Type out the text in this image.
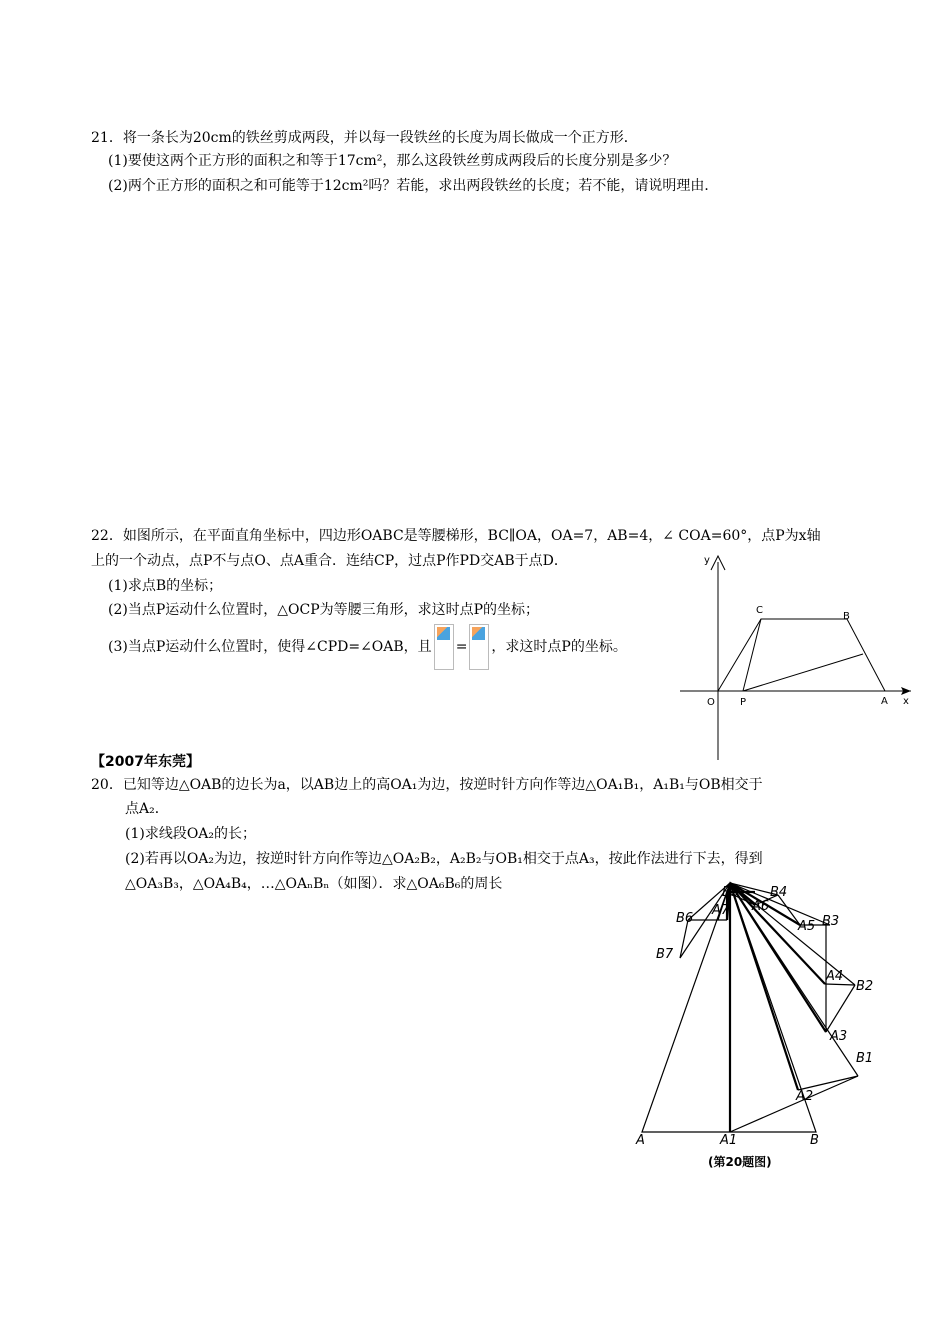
21．将一条长为20cm的铁丝剪成两段，并以每一段铁丝的长度为周长做成一个正方形．
(1)要使这两个正方形的面积之和等于17cm²，那么这段铁丝剪成两段后的长度分别是多少？
(2)两个正方形的面积之和可能等于12cm²吗？若能，求出两段铁丝的长度；若不能，请说明理由．
22．如图所示，在平面直角坐标中，四边形OABC是等腰梯形，BC∥OA，OA=7，AB=4，∠ COA=60°，点P为x轴
上的一个动点，点P不与点O、点A重合．连结CP，过点P作PD交AB于点D．
(1)求点B的坐标；
(2)当点P运动什么位置时，△OCP为等腰三角形，求这时点P的坐标；
(3)当点P运动什么位置时，使得∠CPD=∠OAB，且 = ，求这时点P的坐标。
y
x
O	P	A
C
B
【2007年东莞】
20．已知等边△OAB的边长为a，以AB边上的高OA₁为边，按逆时针方向作等边△OA₁B₁，A₁B₁与OB相交于
点A₂．
(1)求线段OA₂的长；
(2)若再以OA₂为边，按逆时针方向作等边△OA₂B₂，A₂B₂与OB₁相交于点A₃，按此作法进行下去，得到
△OA₃B₃，△OA₄B₄，…△OAₙBₙ（如图）．求△OA₆B₆的周长
A	B
A1
A2
A3
A4
A5
A6
A7
B1
B2
B3
B4
B5
B6
B7
(第20题图)
